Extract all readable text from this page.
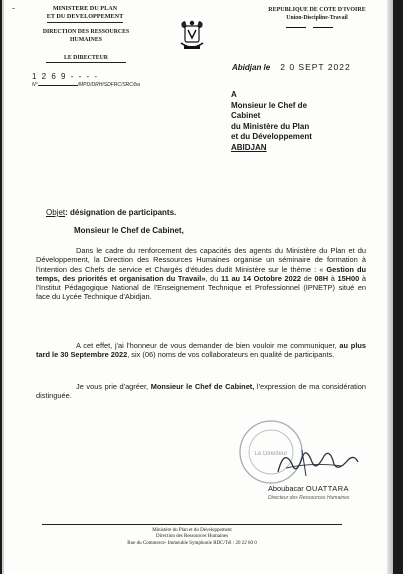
ˉ	MINISTERE DU PLAN
ET DU DEVELOPPEMENT
DIRECTION DES RESSOURCES
HUMAINES
LE DIRECTEUR
1 2 6 9 - - - -
N°	/MPD/DRH/SDFRC/SRC/ba
REPUBLIQUE DE COTE D'IVOIRE
Union-Discipline-Travail
Abidjan le 2 0 SEPT 2022
A
Monsieur le Chef de
Cabinet
du Ministère du Plan
et du Développement
ABIDJAN
Objet: désignation de participants.
Monsieur le Chef de Cabinet,
Dans le cadre du renforcement des capacités des agents du Ministère du Plan et du Développement, la Direction des Ressources Humaines organise un séminaire de formation à l'intention des Chefs de service et Chargés d'études dudit Ministère sur le thème : « Gestion du temps, des priorités et organisation du Travail», du 11 au 14 Octobre 2022 de 08H à 15H00 à l'Institut Pédagogique National de l'Enseignement Technique et Professionnel (IPNETP) situé en face du Lycée Technique d'Abidjan.
A cet effet, j'ai l'honneur de vous demander de bien vouloir me communiquer, au plus tard le 30 Septembre 2022, six (06) noms de vos collaborateurs en qualité de participants.
Je vous prie d'agréer, Monsieur le Chef de Cabinet, l'expression de ma considération distinguée.
Le Directeur
Aboubacar OUATTARA
Directeur des Ressources Humaines
Ministère du Plan et du Développement
Direction des Ressources Humaines
Rue du Commerce- Immeuble Symphonie RDC/Tél : 20 22 60 0
